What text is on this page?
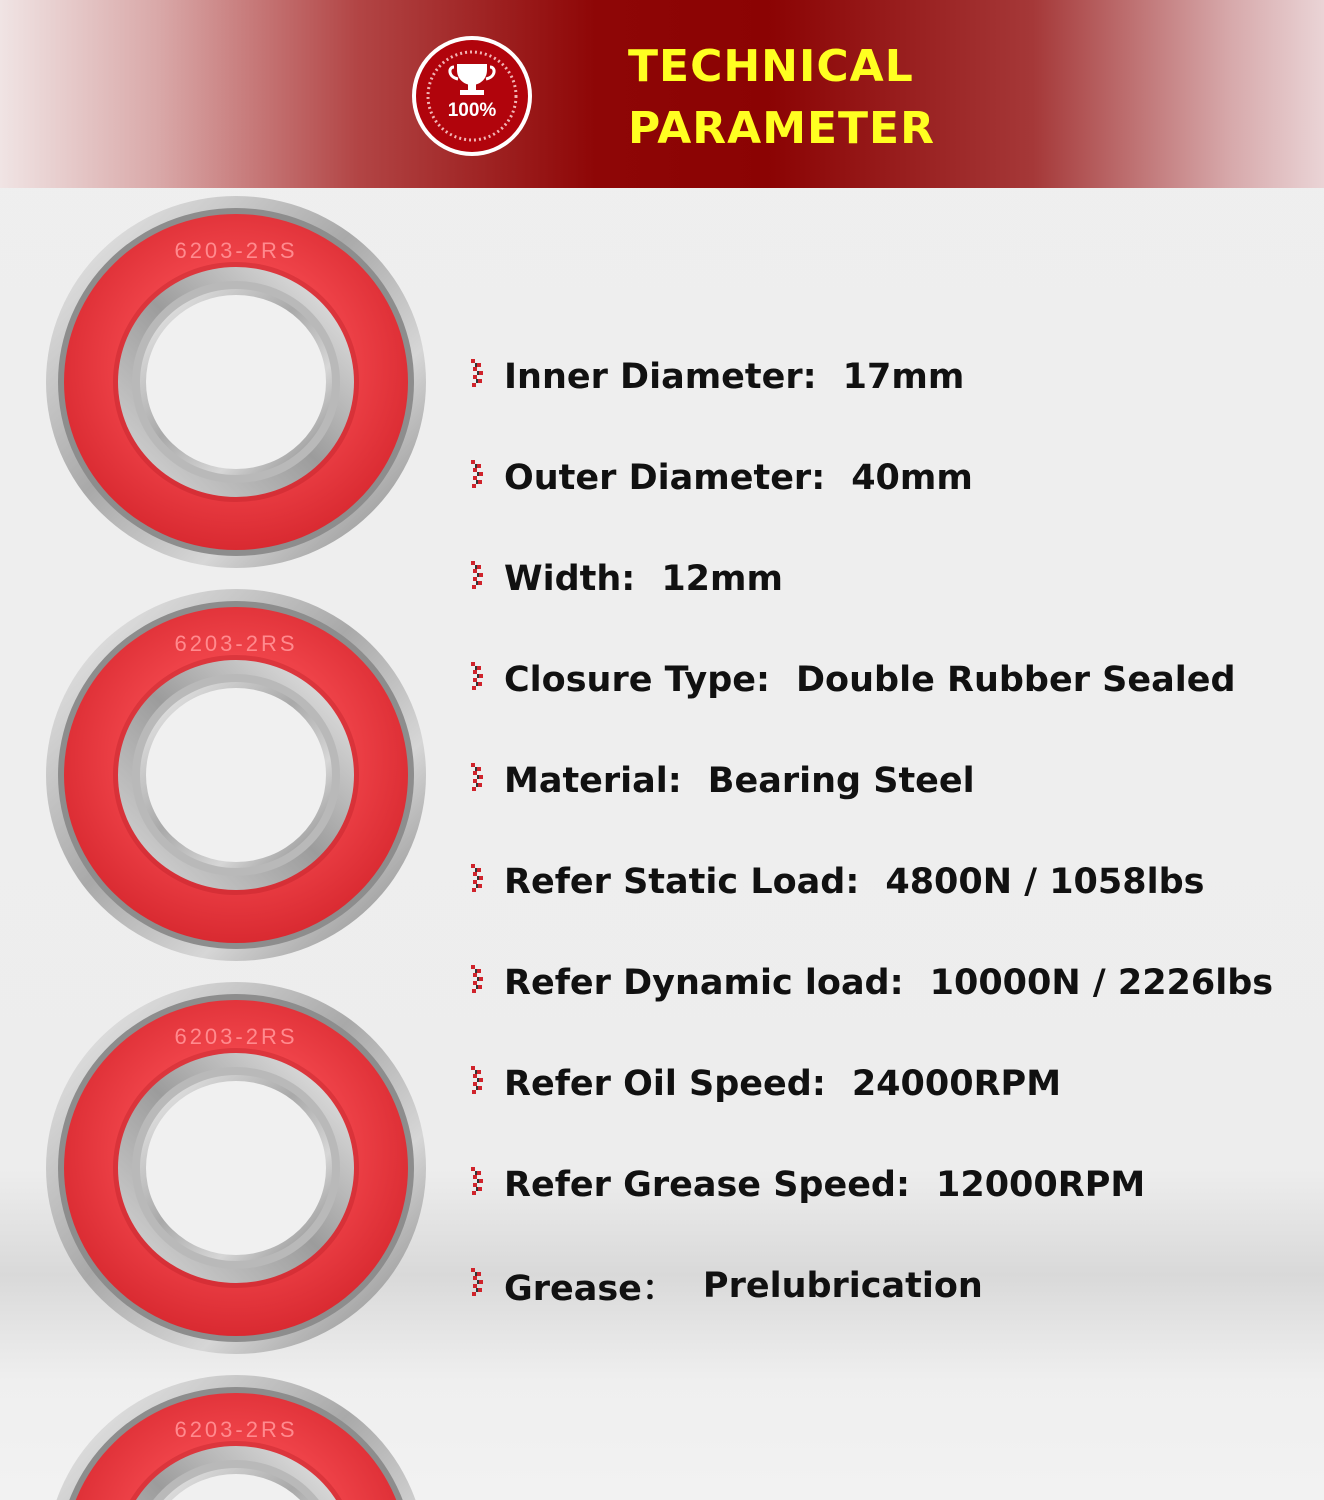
100%
TECHNICAL
PARAMETER
6203-2RS
6203-2RS
6203-2RS
6203-2RS
Inner Diameter: 17mm
Outer Diameter: 40mm
Width: 12mm
Closure Type: Double Rubber Sealed
Material: Bearing Steel
Refer Static Load: 4800N / 1058lbs
Refer Dynamic load: 10000N / 2226lbs
Refer Oil Speed: 24000RPM
Refer Grease Speed: 12000RPM
Grease： Prelubrication
